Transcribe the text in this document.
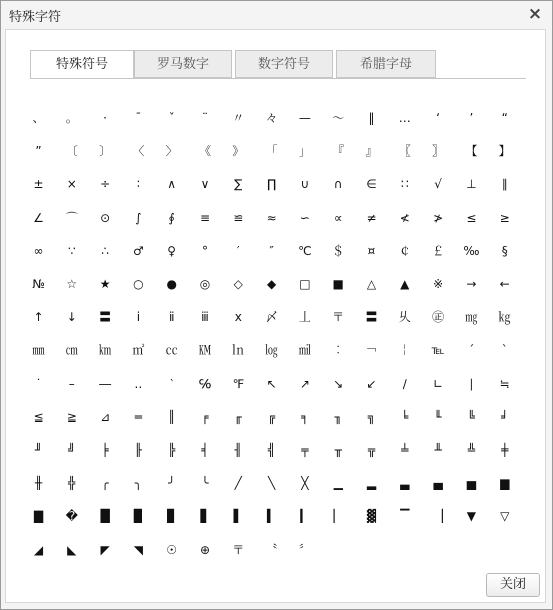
特殊字符	×
特殊符号	罗马数字	数字符号	希腊字母
、	。	·	ˉ	ˇ	¨	〃	々	—	～	‖	…	‘	’	“
”	〔	〕	〈	〉	《	》	「	」	『	』	〖	〗	【	】
±	×	÷	∶	∧	∨	∑	∏	∪	∩	∈	∷	√	⊥	∥
∠	⌒	⊙	∫	∮	≡	≌	≈	∽	∝	≠	≮	≯	≤	≥
∞	∵	∴	♂	♀	°	′	″	℃	＄	¤	￠	￡	‰	§
№	☆	★	○	●	◎	◇	◆	□	■	△	▲	※	→	←
↑	↓	〓	ⅰ	ⅱ	ⅲ	ⅹ	〆	丄	〒	〓	乆	㊣	㎎	㎏
㎜	㎝	㎞	㎡	㏄	㏎	㏑	㏒	㏕	︰	￢	￤	℡	ˊ	ˋ
˙	–	―	‥	‵	℅	℉	↖	↗	↘	↙	∕	∟	∣	≒
≦	≧	⊿	═	║	╒	╓	╔	╕	╖	╗	╘	╙	╚	╛
╜	╝	╞	╟	╠	╡	╢	╣	╤	╥	╦	╧	╨	╩	╪
╫	╬	╭	╮	╯	╰	╱	╲	╳	▁	▂	▃	▄	▅	▆
▇	�	█	▉	▊	▋	▌	▍	▎	▏	▓	▔	▕	▼	▽
◢	◣	◤	◥	☉	⊕	〒	〝	〞
关闭
